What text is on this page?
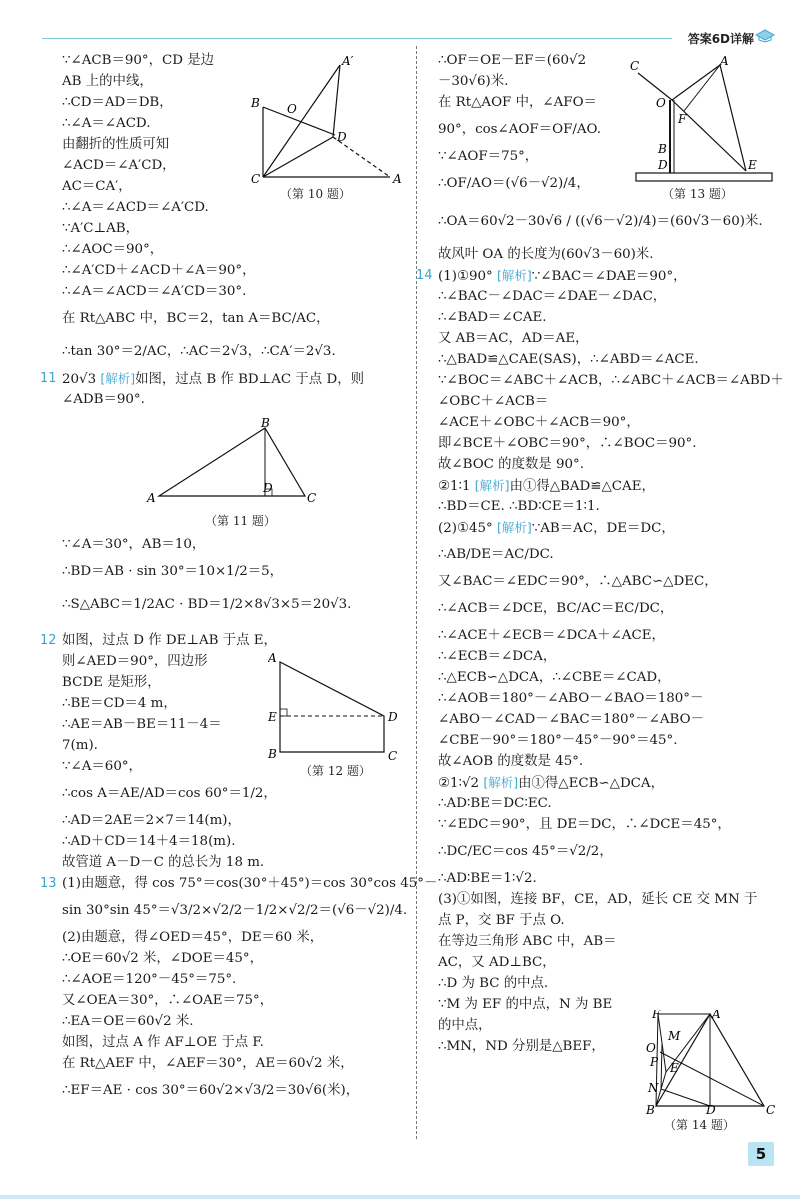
答案6D详解
∵∠ACB＝90°，CD 是边
AB 上的中线，
∴CD＝AD＝DB，
∴∠A＝∠ACD.
由翻折的性质可知
∠ACD＝∠A′CD，
AC＝CA′，
∴∠A＝∠ACD＝∠A′CD.
∵A′C⊥AB，
∴∠AOC＝90°，
∴∠A′CD＋∠ACD＋∠A＝90°，
∴∠A＝∠ACD＝∠A′CD＝30°.
在 Rt△ABC 中，BC＝2，tan A＝BC/AC，
∴tan 30°＝2/AC，∴AC＝2√3，∴CA′＝2√3.
11 20√3 [解析]如图，过点 B 作 BD⊥AC 于点 D，则
∠ADB＝90°.
∵∠A＝30°，AB＝10，
∴BD＝AB · sin 30°＝10×1/2＝5，
∴S△ABC＝1/2AC · BD＝1/2×8√3×5＝20√3.
12 如图，过点 D 作 DE⊥AB 于点 E，
则∠AED＝90°，四边形
BCDE 是矩形，
∴BE＝CD＝4 m，
∴AE＝AB－BE＝11－4＝
7(m).
∵∠A＝60°，
∴cos A＝AE/AD＝cos 60°＝1/2，
∴AD＝2AE＝2×7＝14(m)，
∴AD＋CD＝14＋4＝18(m).
故管道 A－D－C 的总长为 18 m.
13 (1)由题意，得 cos 75°＝cos(30°＋45°)＝cos 30°cos 45°－
sin 30°sin 45°＝√3/2×√2/2－1/2×√2/2＝(√6－√2)/4.
(2)由题意，得∠OED＝45°，DE＝60 米，
∴OE＝60√2 米，∠DOE＝45°，
∴∠AOE＝120°－45°＝75°.
又∠OEA＝30°，∴∠OAE＝75°，
∴EA＝OE＝60√2 米.
如图，过点 A 作 AF⊥OE 于点 F.
在 Rt△AEF 中，∠AEF＝30°，AE＝60√2 米，
∴EF＝AE · cos 30°＝60√2×√3/2＝30√6(米)，
∴OF＝OE－EF＝(60√2
－30√6)米.
在 Rt△AOF 中，∠AFO＝
90°，cos∠AOF＝OF/AO.
∵∠AOF＝75°，
∴OF/AO＝(√6－√2)/4，
∴OA＝60√2－30√6 / ((√6－√2)/4)＝(60√3－60)米.
故风叶 OA 的长度为(60√3－60)米.
14 (1)①90° [解析]∵∠BAC＝∠DAE＝90°，
∴∠BAC－∠DAC＝∠DAE－∠DAC，
∴∠BAD＝∠CAE.
又 AB＝AC，AD＝AE，
∴△BAD≌△CAE(SAS)，∴∠ABD＝∠ACE.
∵∠BOC＝∠ABC＋∠ACB，∴∠ABC＋∠ACB＝∠ABD＋
∠OBC＋∠ACB＝
∠ACE＋∠OBC＋∠ACB＝90°，
即∠BCE＋∠OBC＝90°，∴∠BOC＝90°.
故∠BOC 的度数是 90°.
②1∶1 [解析]由①得△BAD≌△CAE，
∴BD＝CE. ∴BD∶CE＝1∶1.
(2)①45° [解析]∵AB＝AC，DE＝DC，
∴AB/DE＝AC/DC.
又∠BAC＝∠EDC＝90°，∴△ABC∽△DEC，
∴∠ACB＝∠DCE，BC/AC＝EC/DC，
∴∠ACE＋∠ECB＝∠DCA＋∠ACE，
∴∠ECB＝∠DCA，
∴△ECB∽△DCA，∴∠CBE＝∠CAD，
∴∠AOB＝180°－∠ABO－∠BAO＝180°－
∠ABO－∠CAD－∠BAC＝180°－∠ABO－
∠CBE－90°＝180°－45°－90°＝45°.
故∠AOB 的度数是 45°.
②1∶√2 [解析]由①得△ECB∽△DCA，
∴AD∶BE＝DC∶EC.
∵∠EDC＝90°，且 DE＝DC，∴∠DCE＝45°，
∴DC/EC＝cos 45°＝√2/2，
∴AD∶BE＝1∶√2.
(3)①如图，连接 BF，CE，AD，延长 CE 交 MN 于
点 P，交 BF 于点 O.
在等边三角形 ABC 中，AB＝
AC，又 AD⊥BC，
∴D 为 BC 的中点.
∵M 为 EF 的中点，N 为 BE
的中点，
∴MN，ND 分别是△BEF，
A′
B O
D
C	A
（第 10 题）
B
A
D
C
（第 11 题）
A
E	D
B	C
（第 12 题）
C	A
O
F
B
D	E
（第 13 题）
F	A
M
O
P E
N
B	D	C
（第 14 题）
5
